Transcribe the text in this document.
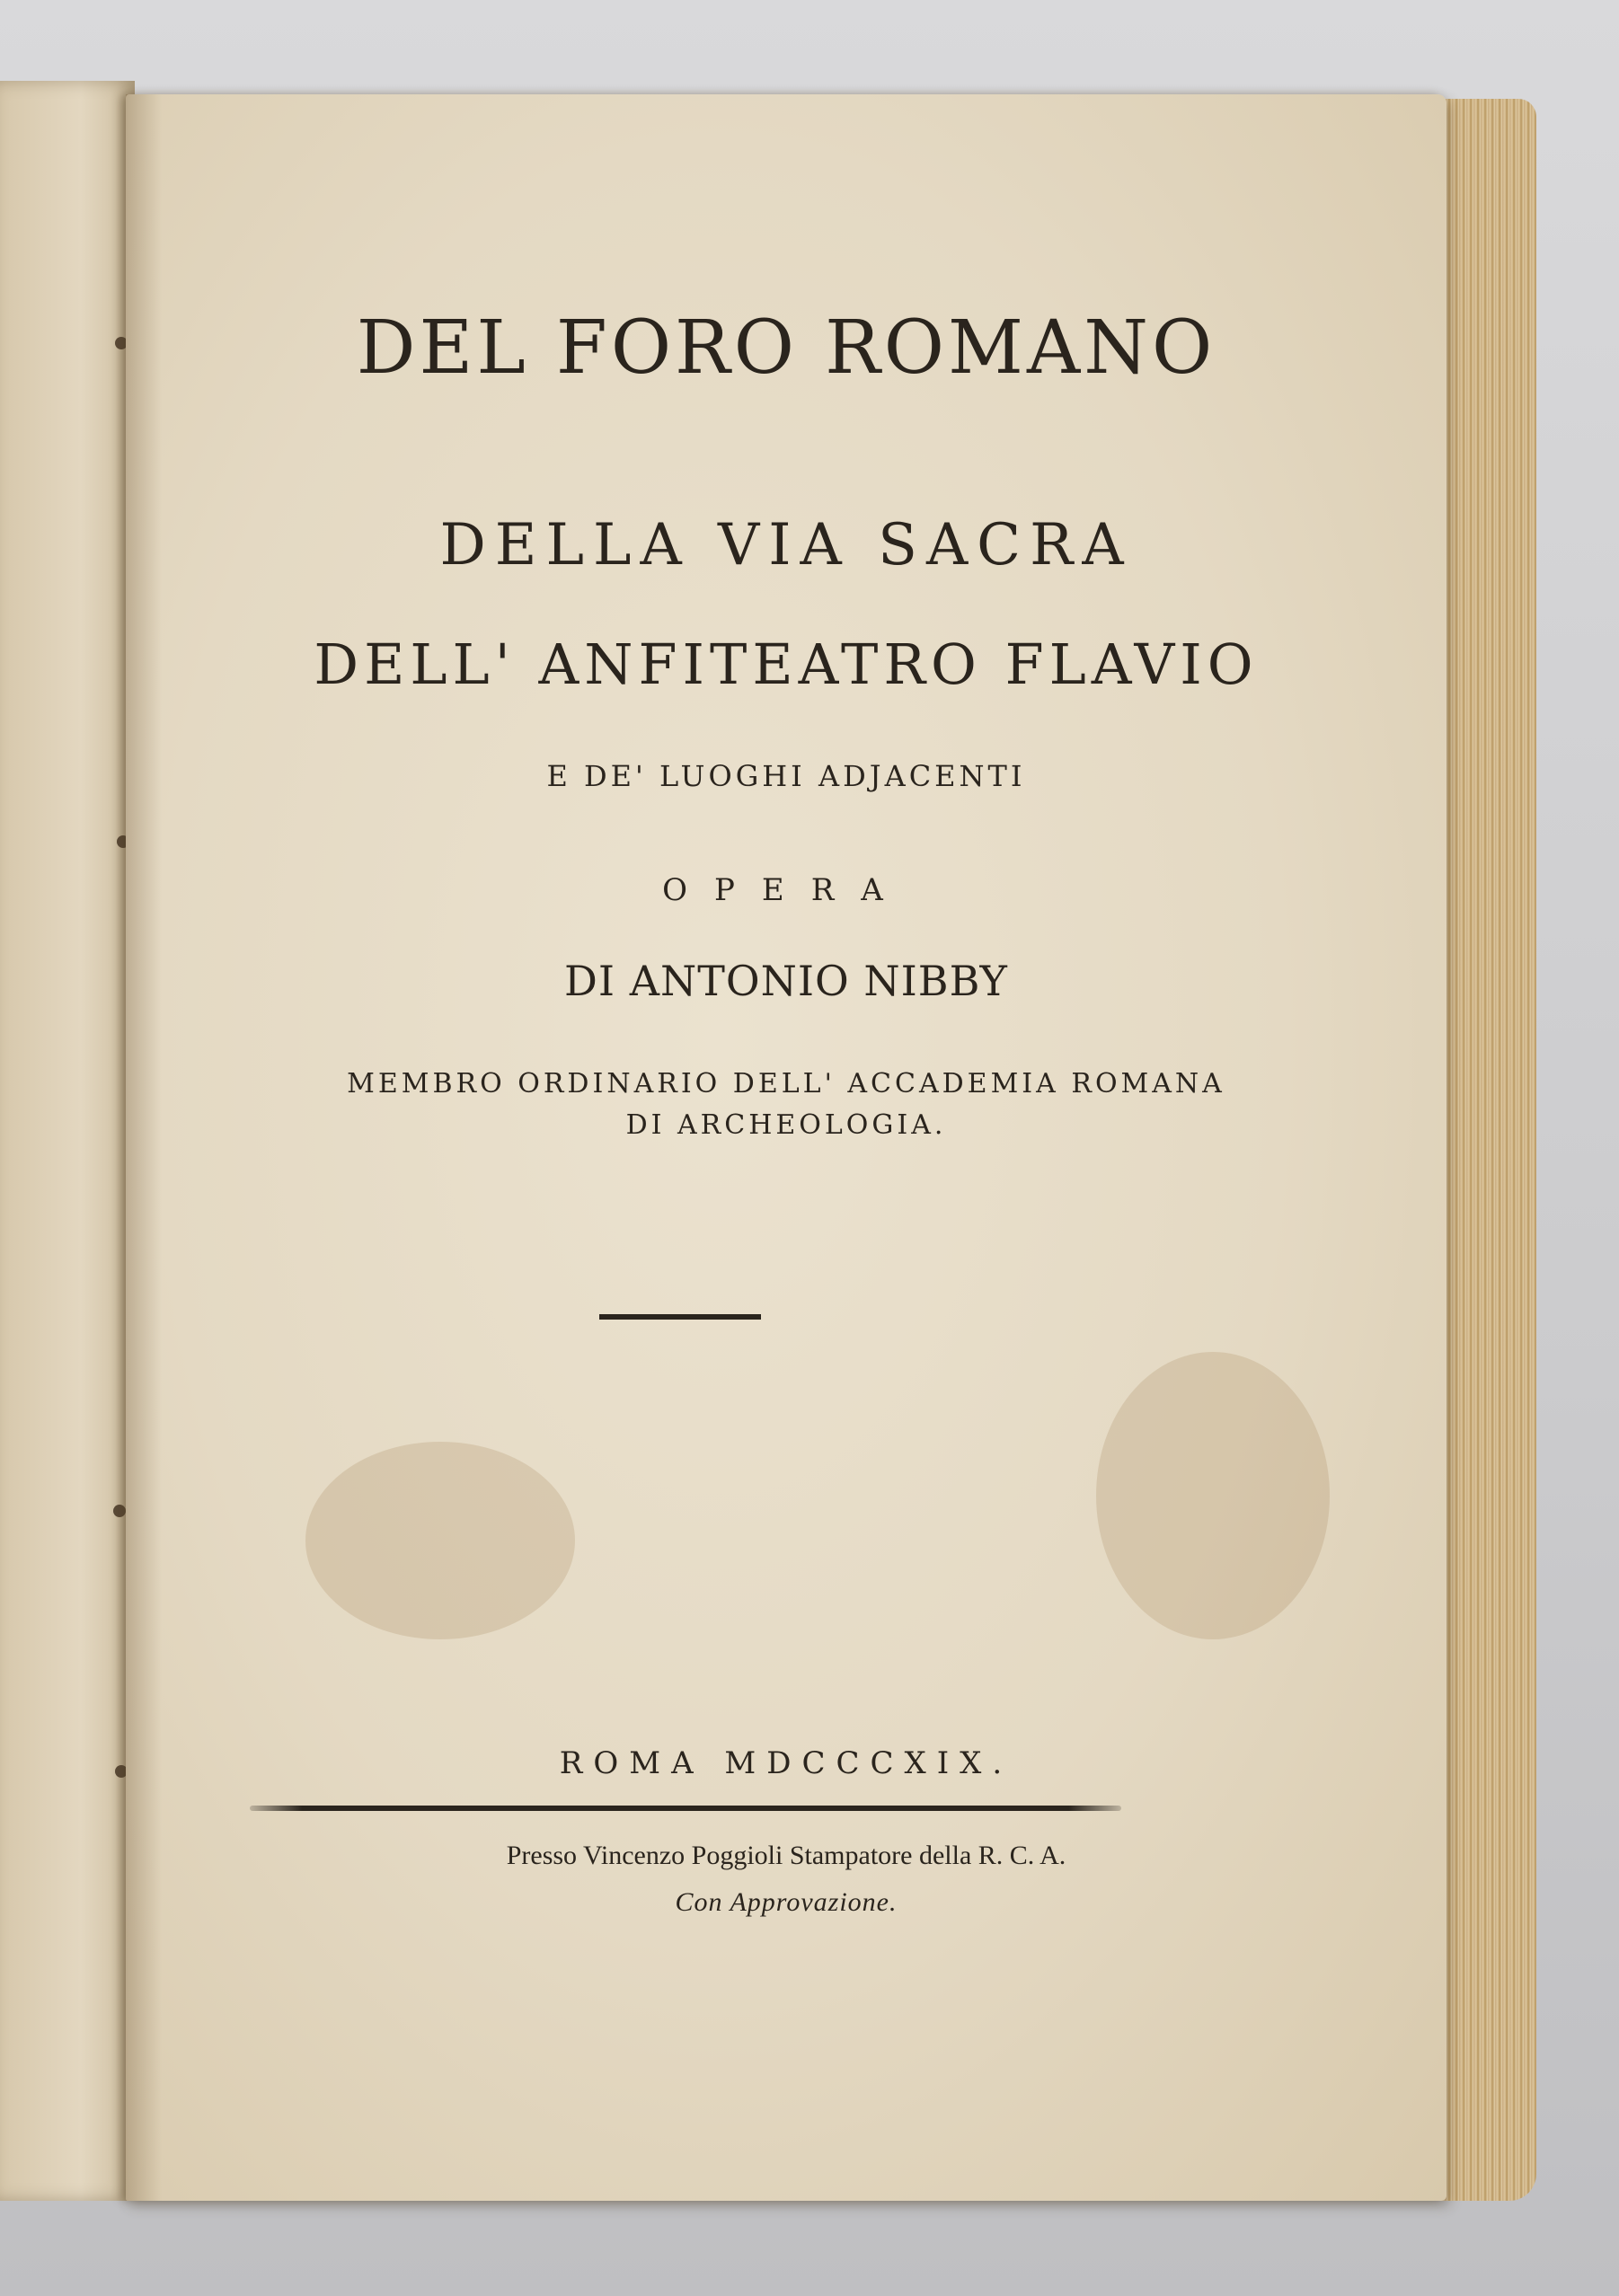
DEL FORO ROMANO

DELLA VIA SACRA

DELL' ANFITEATRO FLAVIO

E DE' LUOGHI ADJACENTI

OPERA

DI ANTONIO NIBBY

MEMBRO ORDINARIO DELL' ACCADEMIA ROMANA

DI ARCHEOLOGIA.

ROMA MDCCCXIX.

Presso Vincenzo Poggioli Stampatore della R. C. A.

Con Approvazione.
